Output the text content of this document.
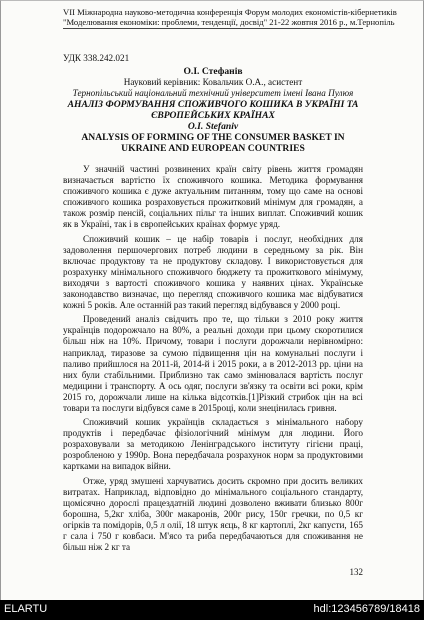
VII Міжнародна науково-методична конференція Форум молодих економістів-кібернетиків
"Моделювання економіки: проблеми, тенденції, досвід" 21-22 жовтня 2016 р., м.Тернопіль
УДК 338.242.021
О.І. Стефанів
Науковий керівник: Ковальчик О.А., асистент
Тернопільський національний технічний університет імені Івана Пулюя
АНАЛІЗ ФОРМУВАННЯ СПОЖИВЧОГО КОШИКА В УКРАЇНІ ТА
ЄВРОПЕЙСЬКИХ КРАЇНАХ
O.I. Stefaniv
ANALYSIS OF FORMING OF THE CONSUMER BASKET IN
UKRAINE AND EUROPEAN COUNTRIES

У значній частині розвинених країн світу рівень життя громадян визначається вартістю їх споживчого кошика. Методика формування споживчого кошика є дуже актуальним питанням, тому що саме на основі споживчого кошика розраховується прожитковий мінімум для громадян, а також розмір пенсій, соціальних пільг та інших виплат. Споживчий кошик як в Україні, так і в європейських країнах формує уряд.

Споживчий кошик – це набір товарів і послуг, необхідних для задоволення першочергових потреб людини в середньому за рік. Він включає продуктову та не продуктову складову. І використовується для розрахунку мінімального споживчого бюджету та прожиткового мінімуму, виходячи з вартості споживчого кошика у наявних цінах. Українське законодавство визначає, що перегляд споживчого кошика має відбуватися кожні 5 років. Але останній раз такий перегляд відбувався у 2000 році.

Проведений аналіз свідчить про те, що тільки з 2010 року життя українців подорожчало на 80%, а реальні доходи при цьому скоротилися більш ніж на 10%. Причому, товари і послуги дорожчали нерівномірно: наприклад, тиразове за сумою підвищення цін на комунальні послуги і паливо прийшлося на 2011-й, 2014-й і 2015 роки, а в 2012-2013 рр. ціни на них були стабільними. Приблизно так само змінювалася вартість послуг медицини і транспорту. А ось одяг, послуги зв'язку та освіти всі роки, крім 2015 го, дорожчали лише на кілька відсотків.[1]Різкий стрибок цін на всі товари та послуги відбувся саме в 2015році, коли знецінилась гривня.

Споживчий кошик українців складається з мінімального набору продуктів і передбачає фізіологічний мінімум для людини. Його розраховували за методикою Ленінградського інституту гігієни праці, розробленою у 1990р. Вона передбачала розрахунок норм за продуктовими картками на випадок війни.

Отже, уряд змушені харчуватись досить скромно при досить великих витратах. Наприклад, відповідно до мінімального соціального стандарту, щомісячно дорослі працездатній людині дозволено вживати близько 800г борошна, 5,2кг хліба, 300г макаронів, 200г рису, 150г гречки, по 0,5 кг огірків та помідорів, 0,5 л олії, 18 штук яєць, 8 кг картоплі, 2кг капусти, 165 г сала і 750 г ковбаси. М'ясо та риба передбачаються для споживання не більш ніж 2 кг та

132
ELARTU	hdl:123456789/18418
